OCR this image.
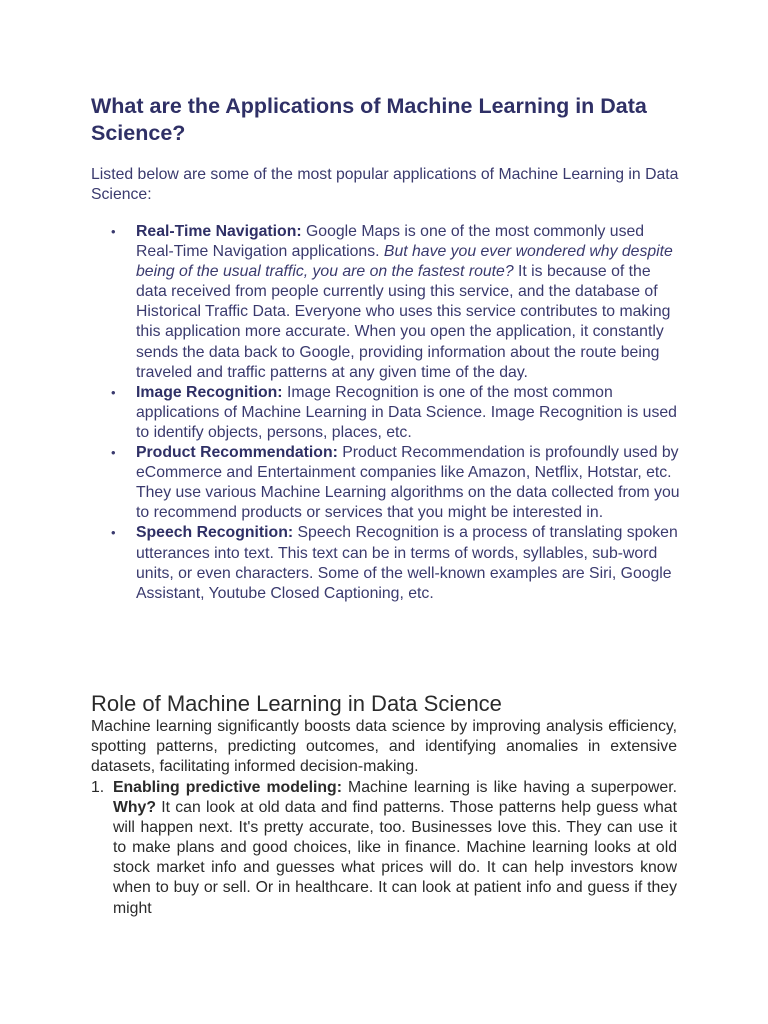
What are the Applications of Machine Learning in Data Science?

Listed below are some of the most popular applications of Machine Learning in Data Science:

• Real-Time Navigation: Google Maps is one of the most commonly used Real-Time Navigation applications. But have you ever wondered why despite being of the usual traffic, you are on the fastest route? It is because of the data received from people currently using this service, and the database of Historical Traffic Data. Everyone who uses this service contributes to making this application more accurate. When you open the application, it constantly sends the data back to Google, providing information about the route being traveled and traffic patterns at any given time of the day.
• Image Recognition: Image Recognition is one of the most common applications of Machine Learning in Data Science. Image Recognition is used to identify objects, persons, places, etc.
• Product Recommendation: Product Recommendation is profoundly used by eCommerce and Entertainment companies like Amazon, Netflix, Hotstar, etc. They use various Machine Learning algorithms on the data collected from you to recommend products or services that you might be interested in.
• Speech Recognition: Speech Recognition is a process of translating spoken utterances into text. This text can be in terms of words, syllables, sub-word units, or even characters. Some of the well-known examples are Siri, Google Assistant, Youtube Closed Captioning, etc.
Role of Machine Learning in Data Science

Machine learning significantly boosts data science by improving analysis efficiency, spotting patterns, predicting outcomes, and identifying anomalies in extensive datasets, facilitating informed decision-making.

1. Enabling predictive modeling: Machine learning is like having a superpower. Why? It can look at old data and find patterns. Those patterns help guess what will happen next. It's pretty accurate, too. Businesses love this. They can use it to make plans and good choices, like in finance. Machine learning looks at old stock market info and guesses what prices will do. It can help investors know when to buy or sell. Or in healthcare. It can look at patient info and guess if they might
